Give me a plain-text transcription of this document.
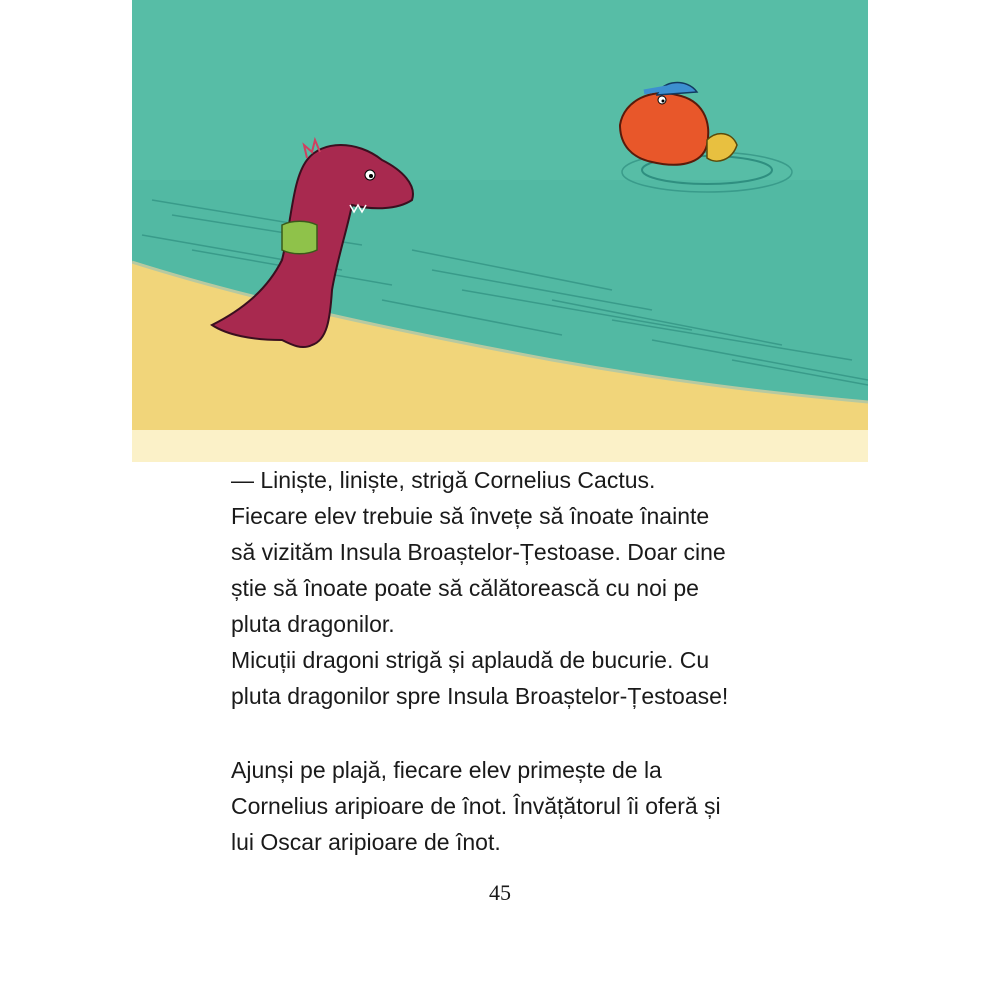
— Liniște, liniște, strigă Cornelius Cactus.
Fiecare elev trebuie să învețe să înoate înainte
să vizităm Insula Broaștelor-Țestoase. Doar cine
știe să înoate poate să călătorească cu noi pe
pluta dragonilor.

Micuții dragoni strigă și aplaudă de bucurie. Cu
pluta dragonilor spre Insula Broaștelor-Țestoase!

Ajunși pe plajă, fiecare elev primește de la
Cornelius aripioare de înot. Învățătorul îi oferă și
lui Oscar aripioare de înot.

45
